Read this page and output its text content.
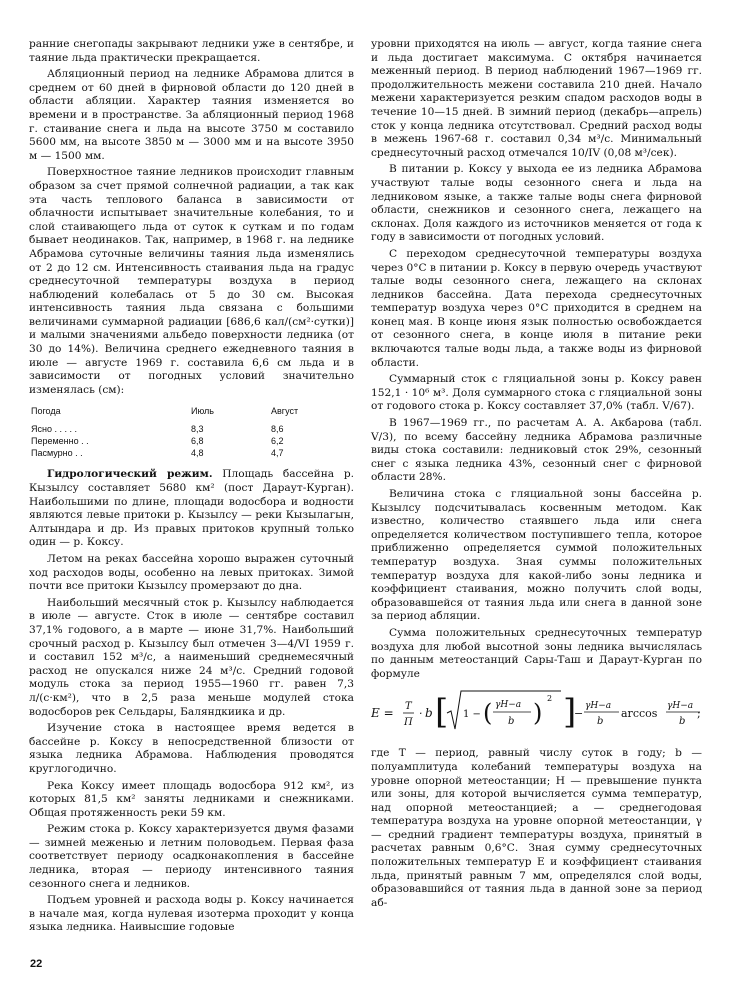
ранние снегопады закрывают ледники уже в сентябре, и таяние льда практически прекращается.

Абляционный период на леднике Абрамова длится в среднем от 60 дней в фирновой области до 120 дней в области абляции. Характер таяния изменяется во времени и в пространстве. За абляционный период 1968 г. стаивание снега и льда на высоте 3750 м составило 5600 мм, на высоте 3850 м — 3000 мм и на высоте 3950 м — 1500 мм.

Поверхностное таяние ледников происходит главным образом за счет прямой солнечной радиации, а так как эта часть теплового баланса в зависимости от облачности испытывает значительные колебания, то и слой стаивающего льда от суток к суткам и по годам бывает неодинаков. Так, например, в 1968 г. на леднике Абрамова суточные величины таяния льда изменялись от 2 до 12 см. Интенсивность стаивания льда на градус среднесуточной температуры воздуха в период наблюдений колебалась от 5 до 30 см. Высокая интенсивность таяния льда связана с большими величинами суммарной радиации [686,6 кал/(см²·сутки)] и малыми значениями альбедо поверхности ледника (от 30 до 14%). Величина среднего ежедневного таяния в июле — августе 1969 г. составила 6,6 см льда и в зависимости от погодных условий значительно изменялась (см):

Погода	Июль	Август
Ясно . . . . .	8,3	8,6
Переменно . .	6,8	6,2
Пасмурно . .	4,8	4,7

Гидрологический режим. Площадь бассейна р. Кызылсу составляет 5680 км² (пост Дараут-Курган). Наибольшими по длине, площади водосбора и водности являются левые притоки р. Кызылсу — реки Кызылагын, Алтындара и др. Из правых притоков крупный только один — р. Коксу.

Летом на реках бассейна хорошо выражен суточный ход расходов воды, особенно на левых притоках. Зимой почти все притоки Кызылсу промерзают до дна.

Наибольший месячный сток р. Кызылсу наблюдается в июле — августе. Сток в июле — сентябре составил 37,1% годового, а в марте — июне 31,7%. Наибольший срочный расход р. Кызылсу был отмечен 3—4/VI 1959 г. и составил 152 м³/с, а наименьший среднемесячный расход не опускался ниже 24 м³/с. Средний годовой модуль стока за период 1955—1960 гг. равен 7,3 л/(с·км²), что в 2,5 раза меньше модулей стока водосборов рек Сельдары, Баляндкиика и др.

Изучение стока в настоящее время ведется в бассейне р. Коксу в непосредственной близости от языка ледника Абрамова. Наблюдения проводятся круглогодично.

Река Коксу имеет площадь водосбора 912 км², из которых 81,5 км² заняты ледниками и снежниками. Общая протяженность реки 59 км.

Режим стока р. Коксу характеризуется двумя фазами — зимней меженью и летним половодьем. Первая фаза соответствует периоду осадконакопления в бассейне ледника, вторая — периоду интенсивного таяния сезонного снега и ледников.

Подъем уровней и расхода воды р. Коксу начинается в начале мая, когда нулевая изотерма проходит у конца языка ледника. Наивысшие годовые

уровни приходятся на июль — август, когда таяние снега и льда достигает максимума. С октября начинается меженный период. В период наблюдений 1967—1969 гг. продолжительность межени составила 210 дней. Начало межени характеризуется резким спадом расходов воды в течение 10—15 дней. В зимний период (декабрь—апрель) сток у конца ледника отсутствовал. Средний расход воды в межень 1967-68 г. составил 0,34 м³/с. Минимальный среднесуточный расход отмечался 10/IV (0,08 м³/сек).

В питании р. Коксу у выхода ее из ледника Абрамова участвуют талые воды сезонного снега и льда на ледниковом языке, а также талые воды снега фирновой области, снежников и сезонного снега, лежащего на склонах. Доля каждого из источников меняется от года к году в зависимости от погодных условий.

С переходом среднесуточной температуры воздуха через 0°С в питании р. Коксу в первую очередь участвуют талые воды сезонного снега, лежащего на склонах ледников бассейна. Дата перехода среднесуточных температур воздуха через 0°С приходится в среднем на конец мая. В конце июня язык полностью освобождается от сезонного снега, в конце июля в питание реки включаются талые воды льда, а также воды из фирновой области.

Суммарный сток с гляциальной зоны р. Коксу равен 152,1 · 10⁶ м³. Доля суммарного стока с гляциальной зоны от годового стока р. Коксу составляет 37,0% (табл. V/67).

В 1967—1969 гг., по расчетам А. А. Акбарова (табл. V/3), по всему бассейну ледника Абрамова различные виды стока составили: ледниковый сток 29%, сезонный снег с языка ледника 43%, сезонный снег с фирновой области 28%.

Величина стока с гляциальной зоны бассейна р. Кызылсу подсчитывалась косвенным методом. Как известно, количество стаявшего льда или снега определяется количеством поступившего тепла, которое приближенно определяется суммой положительных температур воздуха. Зная суммы положительных температур воздуха для какой-либо зоны ледника и коэффициент стаивания, можно получить слой воды, образовавшейся от таяния льда или снега в данной зоне за период абляции.

Сумма положительных среднесуточных температур воздуха для любой высотной зоны ледника вычислялась по данным метеостанций Сары-Таш и Дараут-Курган по формуле

E = T
П
· b [ 1 − ( γH−a
b )
2 ]
−
γH−a
b
arccos
γH−a
b
;

где T — период, равный числу суток в году; b — полуамплитуда колебаний температуры воздуха на уровне опорной метеостанции; H — превышение пункта или зоны, для которой вычисляется сумма температур, над опорной метеостанцией; a — среднегодовая температура воздуха на уровне опорной метеостанции, γ — средний градиент температуры воздуха, принятый в расчетах равным 0,6°С. Зная сумму среднесуточных положительных температур E и коэффициент стаивания льда, принятый равным 7 мм, определялся слой воды, образовавшийся от таяния льда в данной зоне за период аб-

22
